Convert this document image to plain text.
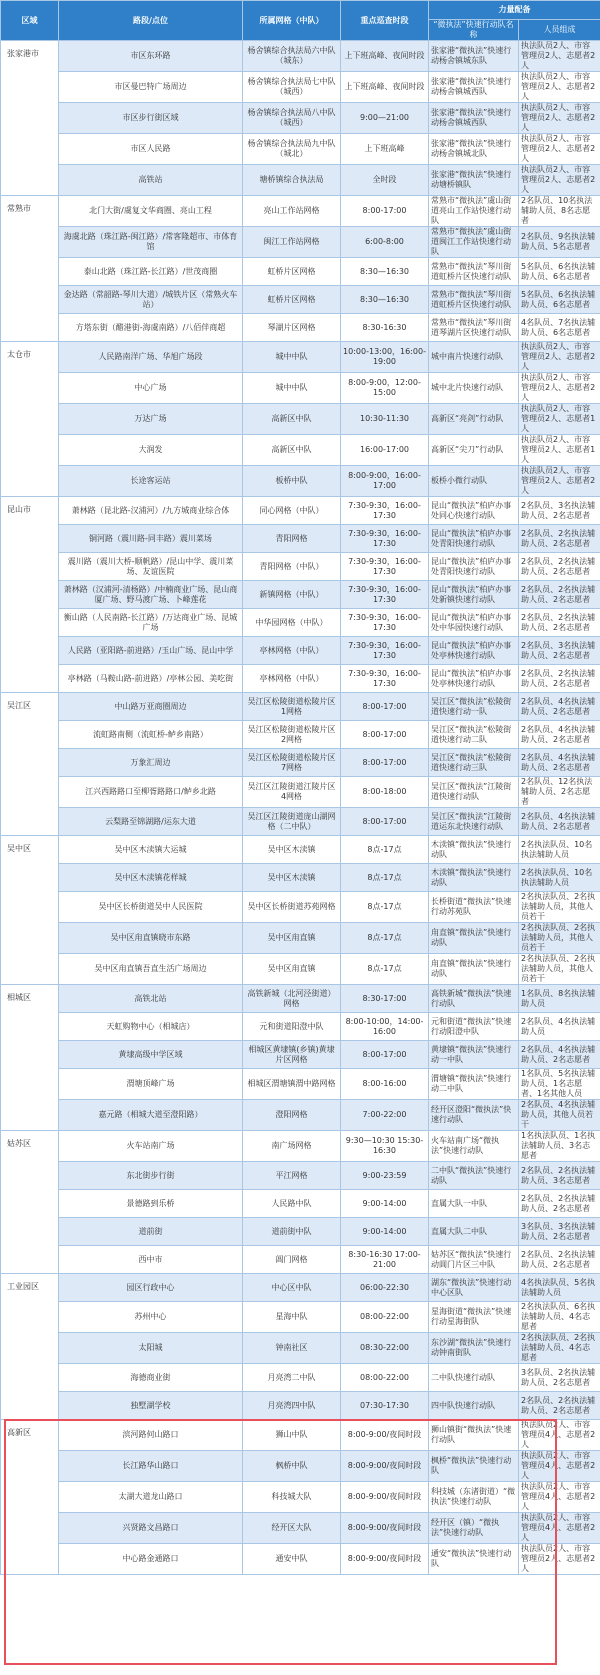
区域	路段/点位	所属网格（中队）	重点巡查时段	力量配备	
				“微执法”快速行动队名称	人员组成
张家港市	市区东环路	杨舍镇综合执法局六中队（城东）	上下班高峰、夜间时段	张家港“微执法”快速行动杨舍镇城东队	执法队员2人、市容管理员2人、志愿者2人
	市区曼巴特广场周边	杨舍镇综合执法局七中队（城西）	上下班高峰、夜间时段	张家港“微执法”快速行动杨舍镇城西队	执法队员2人、市容管理员2人、志愿者2人
	市区步行街区域	杨舍镇综合执法局八中队（城西）	9:00—21:00	张家港“微执法”快速行动杨舍镇城西队	执法队员2人、市容管理员2人、志愿者2人
	市区人民路	杨舍镇综合执法局九中队（城北）	上下班高峰	张家港“微执法”快速行动杨舍镇城北队	执法队员2人、市容管理员2人、志愿者2人
	高铁站	塘桥镇综合执法局	全时段	张家港“微执法”快速行动塘桥镇队	执法队员2人、市容管理员2人、志愿者2人
常熟市	北门大街/虞复文华商圈、亮山工程	亮山工作站网格	8:00-17:00	常熟市“微执法”虞山街道亮山工作站快速行动队	2名队员、10名执法辅助人员、8名志愿者
	海虞北路（珠江路-闽江路）/常客隆超市、市体育馆	闽江工作站网格	6:00-8:00	常熟市“微执法”虞山街道闽江工作站快速行动队	2名队员、9名执法辅助人员、5名志愿者
	泰山北路（珠江路-长江路）/世茂商圈	虹桥片区网格	8:30—16:30	常熟市“微执法”琴川街道虹桥片区快速行动队	5名队员、6名执法辅助人员、6名志愿者
	金达路（常韶路-琴川大道）/城铁片区（常熟火车站）	虹桥片区网格	8:30—16:30	常熟市“微执法”琴川街道虹桥片区快速行动队	5名队员、6名执法辅助人员、6名志愿者
	方塔东街（醋港街-海虞南路）/八佰伴商超	琴湖片区网格	8:30-16:30	常熟市“微执法”琴川街道琴湖片区快速行动队	4名队员、7名执法辅助人员、6名志愿者
太仓市	人民路南洋广场、华旭广场段	城中中队	10:00-13:00，16:00-19:00	城中南片快速行动队	执法队员2人、市容管理员2人、志愿者2人
	中心广场	城中中队	8:00-9:00，12:00-15:00	城中北片快速行动队	执法队员2人、市容管理员2人、志愿者2人
	万达广场	高新区中队	10:30-11:30	高新区“亮剑”行动队	执法队员2人、市容管理员2人、志愿者1人
	大润发	高新区中队	16:00-17:00	高新区“尖刀”行动队	执法队员2人、市容管理员2人、志愿者1人
	长途客运站	板桥中队	8:00-9:00，16:00-17:00	板桥小微行动队	执法队员2人、市容管理员2人、志愿者2人
昆山市	萧林路（昆北路-汉浦河）/九方城商业综合体	同心网格（中队）	7:30-9:30，16:00-17:30	昆山“微执法”柏庐办事处同心快速行动队	2名队员、3名执法辅助人员、2名志愿者
	铜河路（震川路-同丰路）震川菜场	青阳网格	7:30-9:30，16:00-17:30	昆山“微执法”柏庐办事处青阳快速行动队	2名队员、2名执法辅助人员、2名志愿者
	震川路（震川大桥-顺帆路）/昆山中学、震川菜场、友谊医院	青阳网格（中队）	7:30-9:30，16:00-17:30	昆山“微执法”柏庐办事处青阳快速行动队	2名队员、2名执法辅助人员、2名志愿者
	萧林路（汉浦河-清杨路）/中楠商业广场、昆山商厦广场、野马渡广场、卜峰莲花	新镇网格（中队）	7:30-9:30，16:00-17:30	昆山“微执法”柏庐办事处新镇快速行动队	2名队员、2名执法辅助人员、2名志愿者
	衡山路（人民南路-长江路）/万达商业广场、昆城广场	中华园网格（中队）	7:30-9:30，16:00-17:30	昆山“微执法”柏庐办事处中华园快速行动队	2名队员、2名执法辅助人员、2名志愿者
	人民路（亚阳路-前进路）/玉山广场、昆山中学	亭林网格（中队）	7:30-9:30，16:00-17:30	昆山“微执法”柏庐办事处亭林快速行动队	2名队员、3名执法辅助人员、2名志愿者
	亭林路（马鞍山路-前进路）/亭林公园、美吃街	亭林网格（中队）	7:30-9:30，16:00-17:30	昆山“微执法”柏庐办事处亭林快速行动队	2名队员、2名执法辅助人员、2名志愿者
吴江区	中山路万亚商圈周边	吴江区松陵街道松陵片区1网格	8:00-17:00	吴江区“微执法”松陵街道快速行动一队	2名队员、4名执法辅助人员、2名志愿者
	流虹路南侧（流虹桥-鲈乡南路）	吴江区松陵街道松陵片区2网格	8:00-17:00	吴江区“微执法”松陵街道快速行动二队	2名队员、4名执法辅助人员、2名志愿者
	万象汇周边	吴江区松陵街道松陵片区7网格	8:00-17:00	吴江区“微执法”松陵街道快速行动三队	2名队员、4名执法辅助人员、2名志愿者
	江兴西路路口至柳胥路路口/鲈乡北路	吴江区江陵街道江陵片区4网格	8:00-18:00	吴江区“微执法”江陵街道快速行动队	2名队员、12名执法辅助人员、2名志愿者
	云梨路至锦湖路/运东大道	吴江区江陵街道庞山湖网格（二中队）	8:00-17:00	吴江区“微执法”江陵街道运东北快速行动队	2名队员、4名执法辅助人员、2名志愿者
吴中区	吴中区木渎镇大运城	吴中区木渎镇	8点-17点	木渎镇“微执法”快速行动队	2名执法队员、10名执法辅助人员
	吴中区木渎镇花样城	吴中区木渎镇	8点-17点	木渎镇“微执法”快速行动队	2名执法队员、10名执法辅助人员
	吴中区长桥街道吴中人民医院	吴中区长桥街道苏苑网格	8点-17点	长桥街道“微执法”快速行动苏苑队	2名执法队员、2名执法辅助人员，其他人员若干
	吴中区甪直镇晓市东路	吴中区甪直镇	8点-17点	甪直镇“微执法”快速行动队	2名执法队员、2名执法辅助人员，其他人员若干
	吴中区甪直镇吾直生活广场周边	吴中区甪直镇	8点-17点	甪直镇“微执法”快速行动队	2名执法队员、2名执法辅助人员，其他人员若干
相城区	高铁北站	高铁新城（北河泾街道）网格	8:30-17:00	高铁新城“微执法”快速行动队	1名队员、8名执法辅助人员
	天虹购物中心（相城店）	元和街道阳澄中队	8:00-10:00，14:00-16:00	元和街道“微执法”快速行动阳澄中队	2名队员、4名执法辅助人员
	黄埭高级中学区域	相城区黄埭镇(乡镇)黄埭片区网格	8:00-17:00	黄埭镇“微执法”快速行动一中队	2名队员、4名执法辅助人员、2名志愿者
	渭塘顶峰广场	相城区渭塘镇渭中路网格	8:00-16:00	渭塘镇“微执法”快速行动二中队	1名队员、5名执法辅助人员、1名志愿者、1名其他人员
	嘉元路（相城大道至澄阳路）	澄阳网格	7:00-22:00	经开区澄阳“微执法”快速行动队	2名队员、4名执法辅助人员，其他人员若干
姑苏区	火车站南广场	南广场网格	9:30—10:30 15:30-16:30	火车站南广场“微执法”快速行动队	1名执法队员、1名执法辅助人员、3名志愿者
	东北街步行街	平江网格	9:00-23:59	二中队“微执法”快速行动队	2名队员、2名执法辅助人员、3名志愿者
	景德路到乐桥	人民路中队	9:00-14:00	直属大队一中队	2名队员、2名执法辅助人员、2名志愿者
	道前街	道前街中队	9:00-14:00	直属大队二中队	3名队员、3名执法辅助人员、2名志愿者
	西中市	阊门网格	8:30-16:30 17:00-21:00	姑苏区“微执法”快速行动阊门片区三中队	2名队员、2名执法辅助人员、2名志愿者
工业园区	园区行政中心	中心区中队	06:00-22:30	湖东“微执法”快速行动中心区队	4名执法队员、5名执法辅助人员
	苏州中心	星海中队	08:00-22:00	星海街道“微执法”快速行动星海街队	2名执法队员、6名执法辅助人员、4名志愿者
	太阳城	钟南社区	08:30-22:00	东沙湖“微执法”快速行动钟南街队	2名执法队员、2名执法辅助人员、4名志愿者
	海德商业街	月亮湾二中队	08:00-22:00	二中队快速行动队	3名队员、2名执法辅助人员、2名志愿者
	独墅湖学校	月亮湾四中队	07:30-17:30	四中队快速行动队	2名队员、2名执法辅助人员、2名志愿者
高新区	滨河路何山路口	狮山中队	8:00-9:00/夜间时段	狮山镇街“微执法”快速行动队	执法队员2人、市容管理员4人、志愿者2人
	长江路华山路口	枫桥中队	8:00-9:00/夜间时段	枫桥“微执法”快速行动队	执法队员2人、市容管理员4人、志愿者2人
	太湖大道龙山路口	科技城大队	8:00-9:00/夜间时段	科技城（东渚街道）“微执法”快速行动队	执法队员2人、市容管理员4人、志愿者2人
	兴贤路文昌路口	经开区大队	8:00-9:00/夜间时段	经开区（镇）“微执法”快速行动队	执法队员2人、市容管理员4人、志愿者2人
	中心路金通路口	通安中队	8:00-9:00/夜间时段	通安“微执法”快速行动队	执法队员2人、市容管理员2人、志愿者2人
